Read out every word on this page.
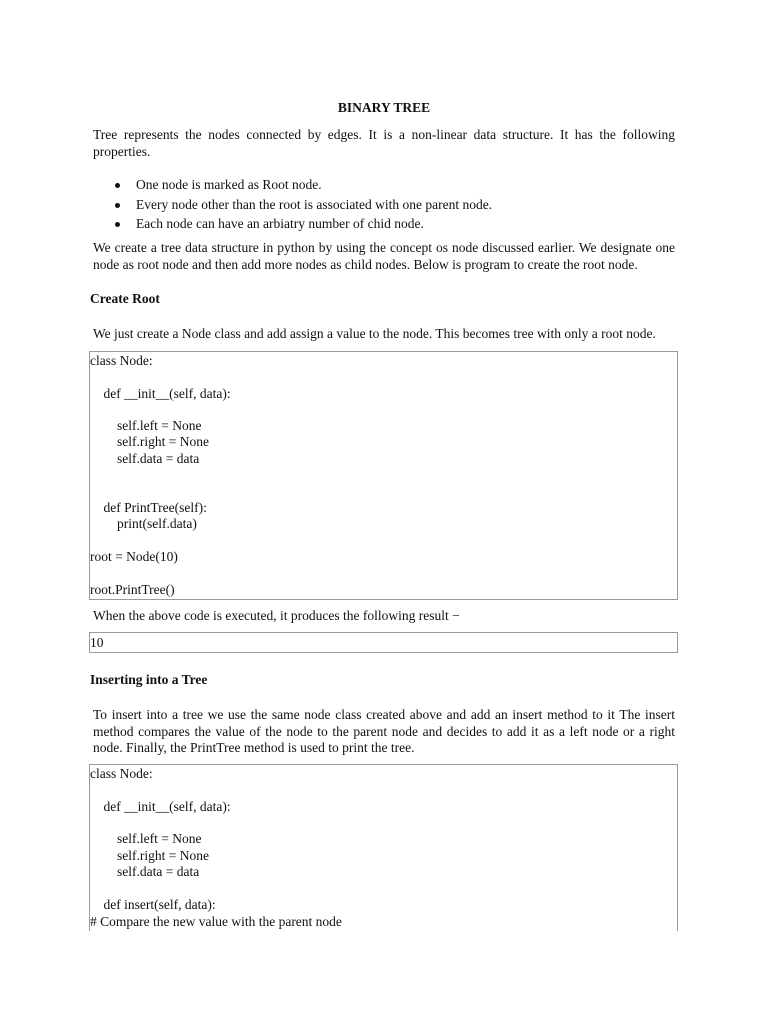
BINARY TREE
Tree represents the nodes connected by edges. It is a non-linear data structure. It has the following properties.
One node is marked as Root node.
Every node other than the root is associated with one parent node.
Each node can have an arbiatry number of chid node.
We create a tree data structure in python by using the concept os node discussed earlier. We designate one node as root node and then add more nodes as child nodes. Below is program to create the root node.
Create Root
We just create a Node class and add assign a value to the node. This becomes tree with only a root node.
class Node:
def __init__(self, data):
self.left = None
self.right = None
self.data = data
def PrintTree(self):
print(self.data)
root = Node(10)
root.PrintTree()
When the above code is executed, it produces the following result −
10
Inserting into a Tree
To insert into a tree we use the same node class created above and add an insert method to it The insert method compares the value of the node to the parent node and decides to add it as a left node or a right node. Finally, the PrintTree method is used to print the tree.
class Node:
def __init__(self, data):
self.left = None
self.right = None
self.data = data
def insert(self, data):
# Compare the new value with the parent node
